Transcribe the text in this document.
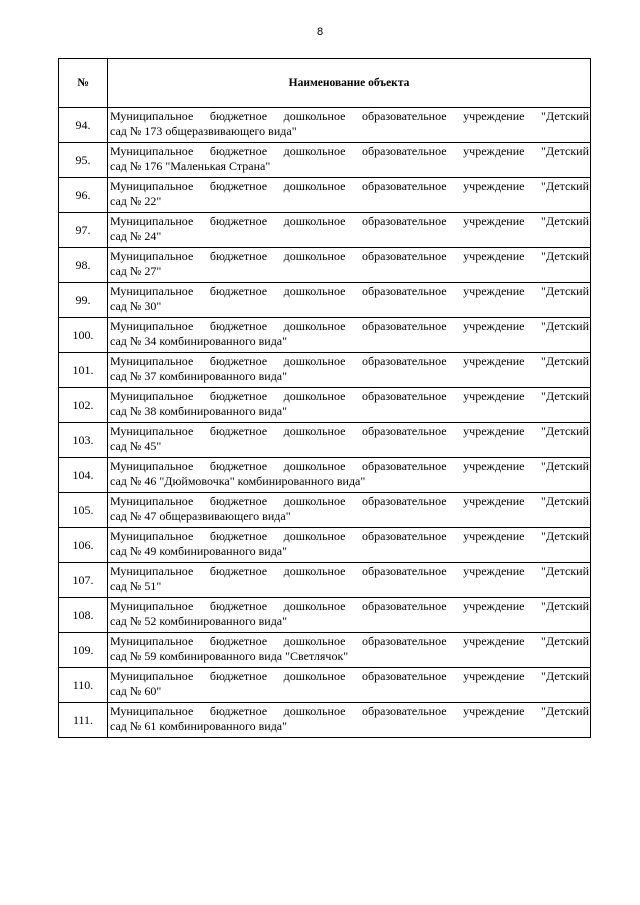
8
№	Наименование объекта
94.	Муниципальное бюджетное дошкольное образовательное учреждение "Детский
сад № 173 общеразвивающего вида"

95.	Муниципальное бюджетное дошкольное образовательное учреждение "Детский
сад № 176 "Маленькая Страна"

96.	Муниципальное бюджетное дошкольное образовательное учреждение "Детский
сад № 22"

97.	Муниципальное бюджетное дошкольное образовательное учреждение "Детский
сад № 24"

98.	Муниципальное бюджетное дошкольное образовательное учреждение "Детский
сад № 27"

99.	Муниципальное бюджетное дошкольное образовательное учреждение "Детский
сад № 30"

100.	Муниципальное бюджетное дошкольное образовательное учреждение "Детский
сад № 34 комбинированного вида"

101.	Муниципальное бюджетное дошкольное образовательное учреждение "Детский
сад № 37 комбинированного вида"

102.	Муниципальное бюджетное дошкольное образовательное учреждение "Детский
сад № 38 комбинированного вида"

103.	Муниципальное бюджетное дошкольное образовательное учреждение "Детский
сад № 45"

104.	Муниципальное бюджетное дошкольное образовательное учреждение "Детский
сад № 46 "Дюймовочка" комбинированного вида"

105.	Муниципальное бюджетное дошкольное образовательное учреждение "Детский
сад № 47 общеразвивающего вида"

106.	Муниципальное бюджетное дошкольное образовательное учреждение "Детский
сад № 49 комбинированного вида"

107.	Муниципальное бюджетное дошкольное образовательное учреждение "Детский
сад № 51"

108.	Муниципальное бюджетное дошкольное образовательное учреждение "Детский
сад № 52 комбинированного вида"

109.	Муниципальное бюджетное дошкольное образовательное учреждение "Детский
сад № 59 комбинированного вида "Светлячок"

110.	Муниципальное бюджетное дошкольное образовательное учреждение "Детский
сад № 60"

111.	Муниципальное бюджетное дошкольное образовательное учреждение "Детский
сад № 61 комбинированного вида"
